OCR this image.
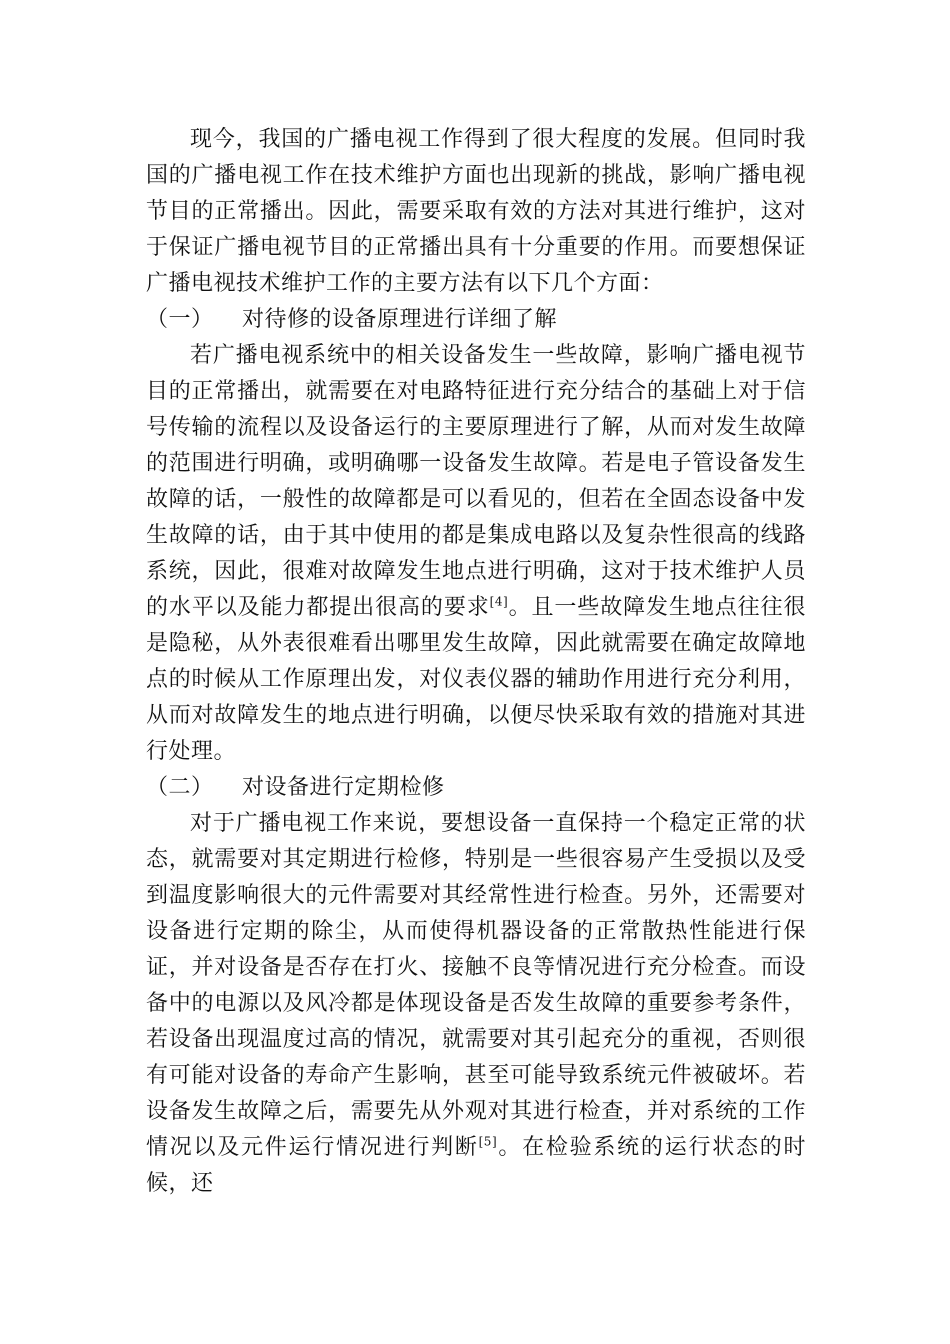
现今，我国的广播电视工作得到了很大程度的发展。但同时我国的广播电视工作在技术维护方面也出现新的挑战，影响广播电视节目的正常播出。因此，需要采取有效的方法对其进行维护，这对于保证广播电视节目的正常播出具有十分重要的作用。而要想保证广播电视技术维护工作的主要方法有以下几个方面：

（一） 对待修的设备原理进行详细了解

若广播电视系统中的相关设备发生一些故障，影响广播电视节目的正常播出，就需要在对电路特征进行充分结合的基础上对于信号传输的流程以及设备运行的主要原理进行了解，从而对发生故障的范围进行明确，或明确哪一设备发生故障。若是电子管设备发生故障的话，一般性的故障都是可以看见的，但若在全固态设备中发生故障的话，由于其中使用的都是集成电路以及复杂性很高的线路系统，因此，很难对故障发生地点进行明确，这对于技术维护人员的水平以及能力都提出很高的要求[4]。且一些故障发生地点往往很是隐秘，从外表很难看出哪里发生故障，因此就需要在确定故障地点的时候从工作原理出发，对仪表仪器的辅助作用进行充分利用，从而对故障发生的地点进行明确，以便尽快采取有效的措施对其进行处理。

（二） 对设备进行定期检修

对于广播电视工作来说，要想设备一直保持一个稳定正常的状态，就需要对其定期进行检修，特别是一些很容易产生受损以及受到温度影响很大的元件需要对其经常性进行检查。另外，还需要对设备进行定期的除尘，从而使得机器设备的正常散热性能进行保证，并对设备是否存在打火、接触不良等情况进行充分检查。而设备中的电源以及风冷都是体现设备是否发生故障的重要参考条件，若设备出现温度过高的情况，就需要对其引起充分的重视，否则很有可能对设备的寿命产生影响，甚至可能导致系统元件被破坏。若设备发生故障之后，需要先从外观对其进行检查，并对系统的工作情况以及元件运行情况进行判断[5]。在检验系统的运行状态的时候，还
